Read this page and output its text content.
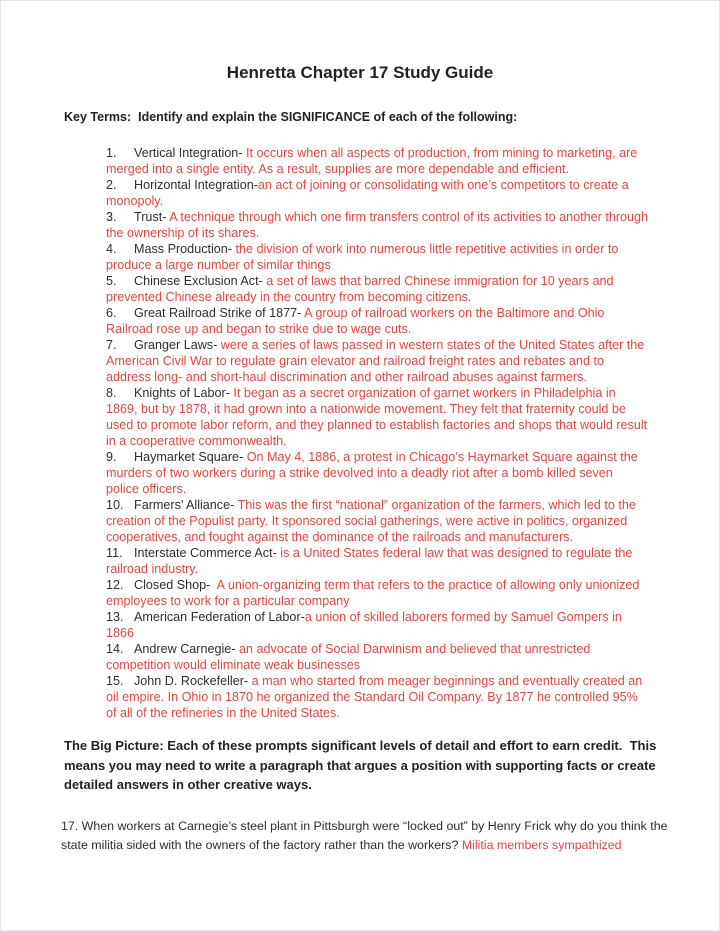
Henretta Chapter 17 Study Guide

Key Terms:  Identify and explain the SIGNIFICANCE of each of the following:

1. Vertical Integration- It occurs when all aspects of production, from mining to marketing, are merged into a single entity. As a result, supplies are more dependable and efficient.

2. Horizontal Integration-an act of joining or consolidating with one’s competitors to create a monopoly.

3. Trust- A technique through which one firm transfers control of its activities to another through the ownership of its shares.

4. Mass Production- the division of work into numerous little repetitive activities in order to produce a large number of similar things

5. Chinese Exclusion Act- a set of laws that barred Chinese immigration for 10 years and prevented Chinese already in the country from becoming citizens.

6. Great Railroad Strike of 1877- A group of railroad workers on the Baltimore and Ohio Railroad rose up and began to strike due to wage cuts.

7. Granger Laws- were a series of laws passed in western states of the United States after the American Civil War to regulate grain elevator and railroad freight rates and rebates and to address long- and short-haul discrimination and other railroad abuses against farmers.

8. Knights of Labor- It began as a secret organization of garnet workers in Philadelphia in 1869, but by 1878, it had grown into a nationwide movement. They felt that fraternity could be used to promote labor reform, and they planned to establish factories and shops that would result in a cooperative commonwealth.

9. Haymarket Square- On May 4, 1886, a protest in Chicago’s Haymarket Square against the murders of two workers during a strike devolved into a deadly riot after a bomb killed seven police officers.

10. Farmers’ Alliance- This was the first “national” organization of the farmers, which led to the creation of the Populist party. It sponsored social gatherings, were active in politics, organized cooperatives, and fought against the dominance of the railroads and manufacturers.

11. Interstate Commerce Act- is a United States federal law that was designed to regulate the railroad industry.

12. Closed Shop-  A union-organizing term that refers to the practice of allowing only unionized employees to work for a particular company

13. American Federation of Labor-a union of skilled laborers formed by Samuel Gompers in 1866

14. Andrew Carnegie- an advocate of Social Darwinism and believed that unrestricted competition would eliminate weak businesses

15. John D. Rockefeller- a man who started from meager beginnings and eventually created an oil empire. In Ohio in 1870 he organized the Standard Oil Company. By 1877 he controlled 95% of all of the refineries in the United States.

The Big Picture: Each of these prompts significant levels of detail and effort to earn credit.  This means you may need to write a paragraph that argues a position with supporting facts or create detailed answers in other creative ways.

17. When workers at Carnegie’s steel plant in Pittsburgh were “locked out” by Henry Frick why do you think the state militia sided with the owners of the factory rather than the workers? Militia members sympathized
